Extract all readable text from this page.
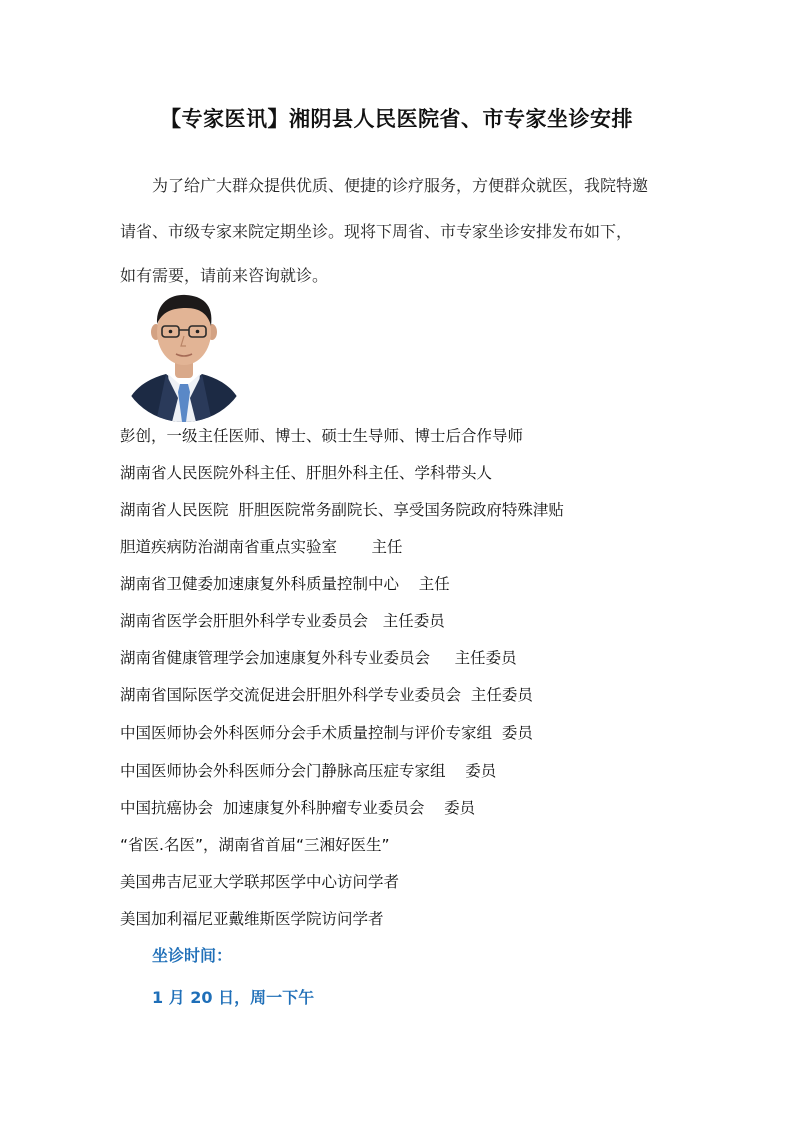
【专家医讯】湘阴县人民医院省、市专家坐诊安排
为了给广大群众提供优质、便捷的诊疗服务，方便群众就医，我院特邀
请省、市级专家来院定期坐诊。现将下周省、市专家坐诊安排发布如下，
如有需要，请前来咨询就诊。
彭创，一级主任医师、博士、硕士生导师、博士后合作导师
湖南省人民医院外科主任、肝胆外科主任、学科带头人
湖南省人民医院  肝胆医院常务副院长、享受国务院政府特殊津贴
胆道疾病防治湖南省重点实验室       主任
湖南省卫健委加速康复外科质量控制中心    主任
湖南省医学会肝胆外科学专业委员会   主任委员
湖南省健康管理学会加速康复外科专业委员会     主任委员
湖南省国际医学交流促进会肝胆外科学专业委员会  主任委员
中国医师协会外科医师分会手术质量控制与评价专家组  委员
中国医师协会外科医师分会门静脉高压症专家组    委员
中国抗癌协会  加速康复外科肿瘤专业委员会    委员
“省医.名医”，湖南省首届“三湘好医生”
美国弗吉尼亚大学联邦医学中心访问学者
美国加利福尼亚戴维斯医学院访问学者
坐诊时间：
1 月 20 日，周一下午
